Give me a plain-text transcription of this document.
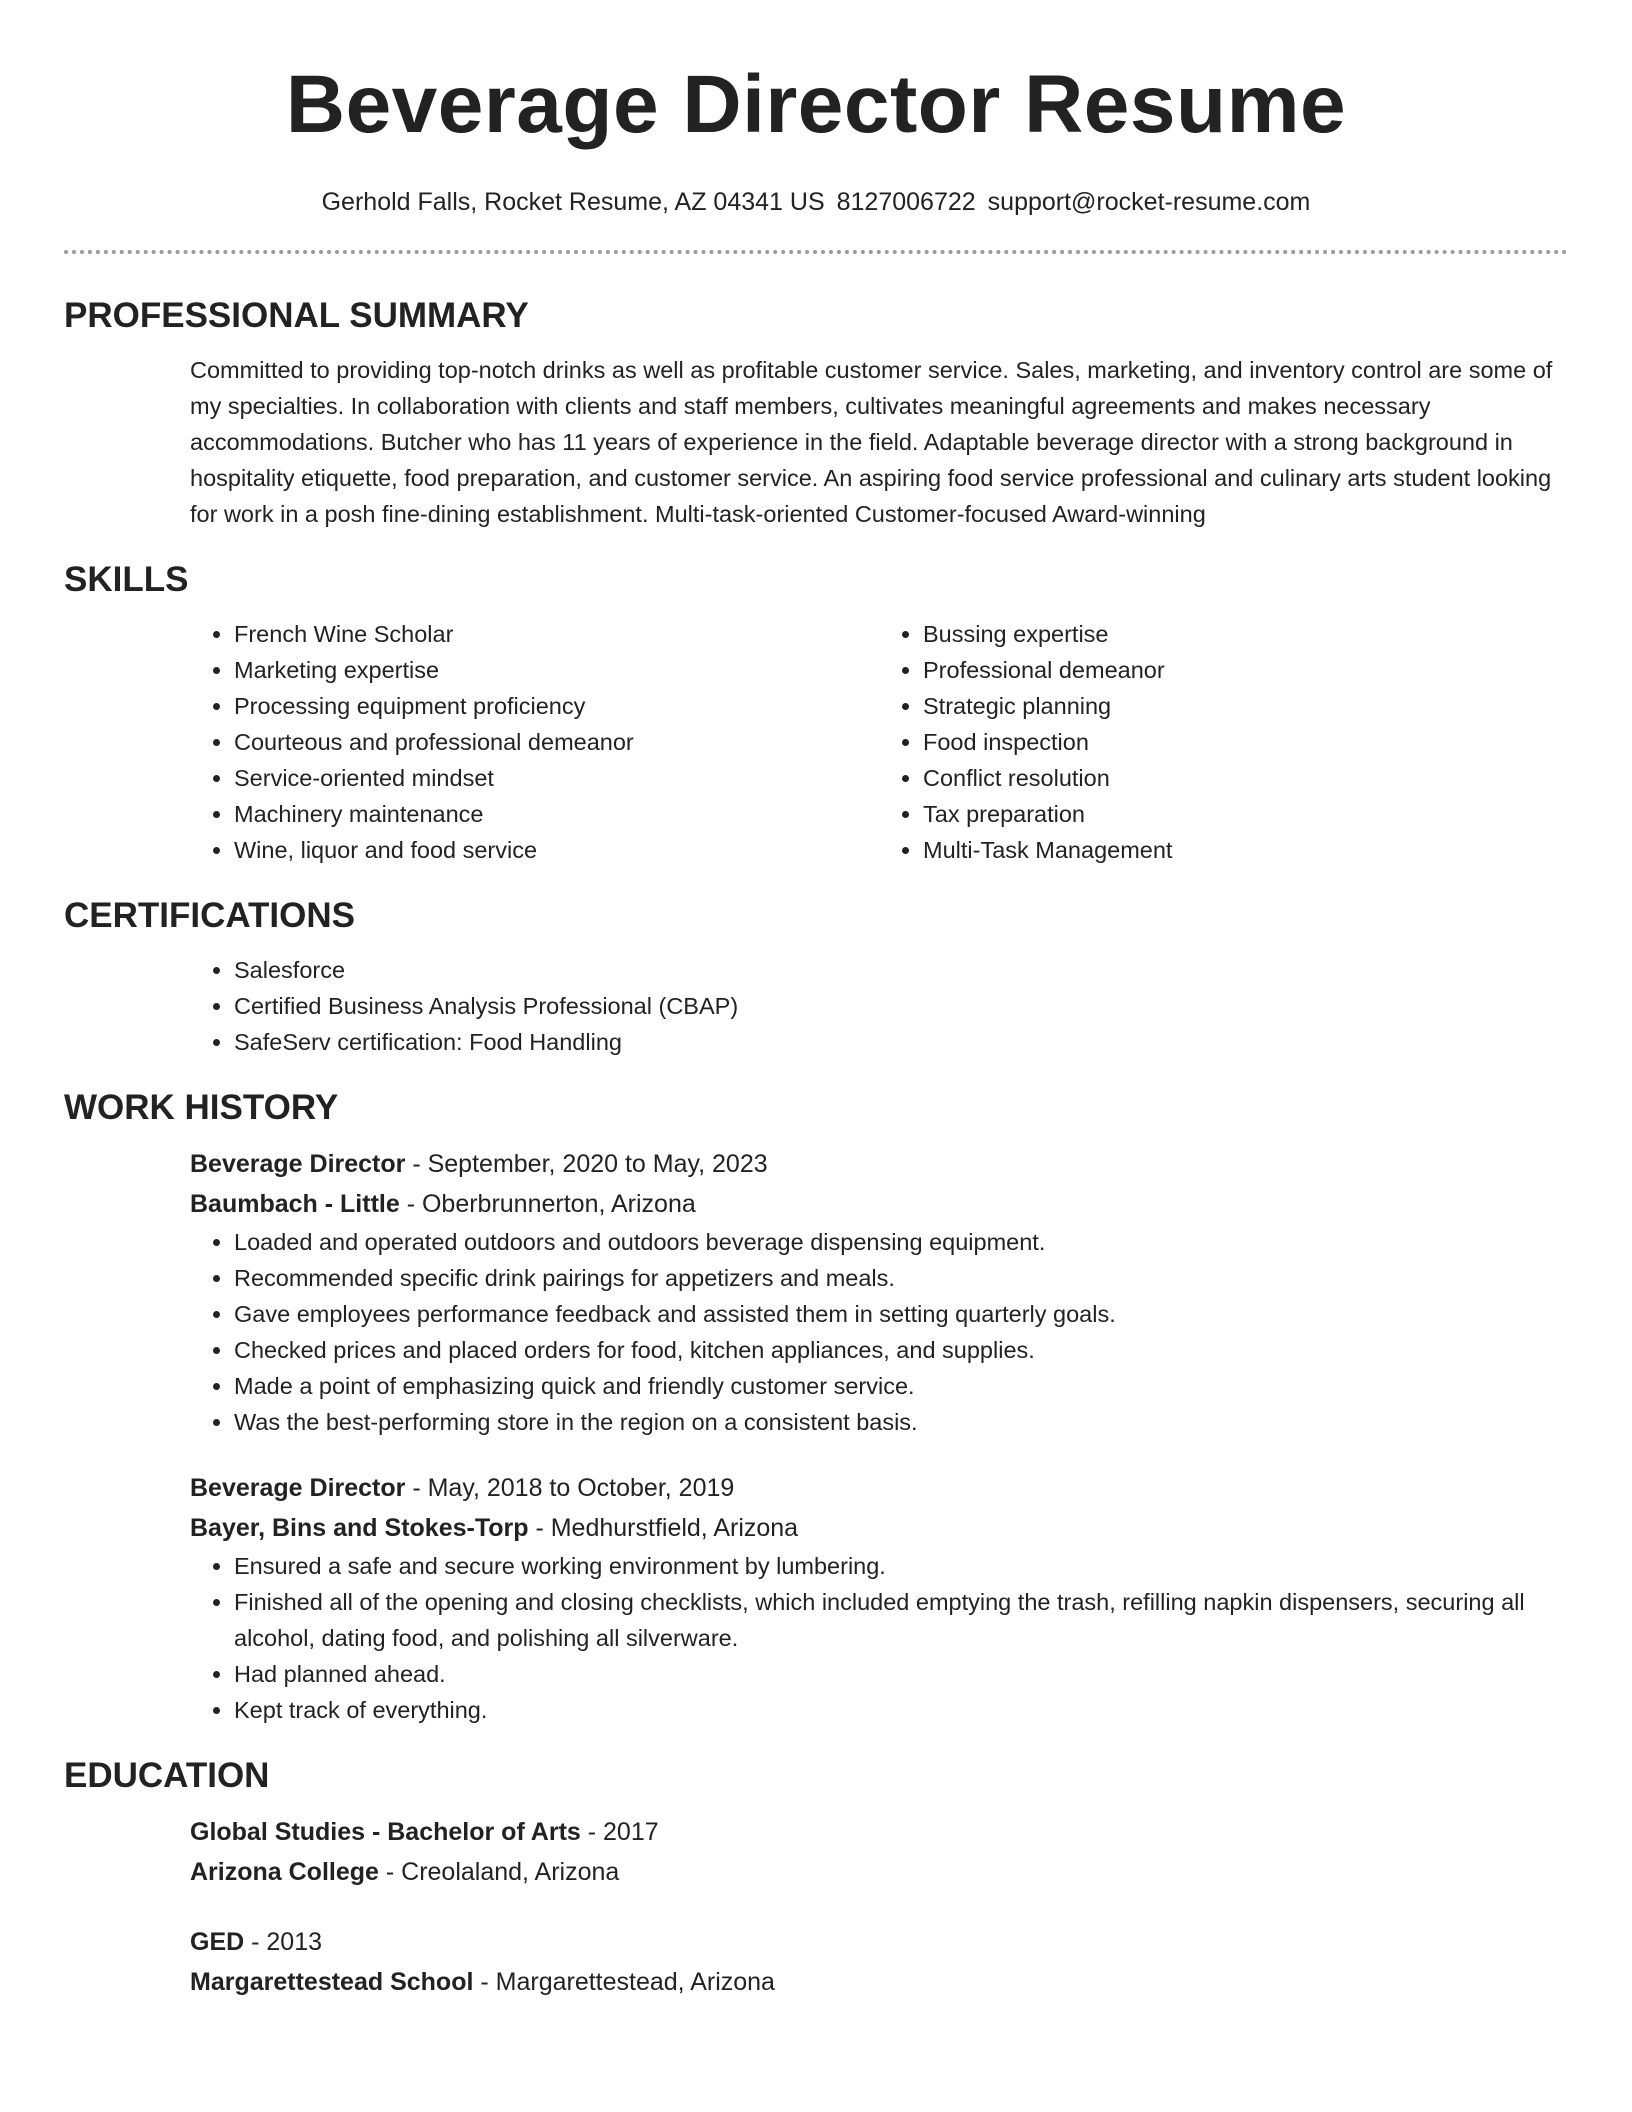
Beverage Director Resume
Gerhold Falls, Rocket Resume, AZ 04341 US 8127006722 support@rocket-resume.com
PROFESSIONAL SUMMARY

Committed to providing top-notch drinks as well as profitable customer service. Sales, marketing, and inventory control are some of my specialties. In collaboration with clients and staff members, cultivates meaningful agreements and makes necessary accommodations. Butcher who has 11 years of experience in the field. Adaptable beverage director with a strong background in hospitality etiquette, food preparation, and customer service. An aspiring food service professional and culinary arts student looking for work in a posh fine-dining establishment. Multi-task-oriented Customer-focused Award-winning

SKILLS
• French Wine Scholar
• Marketing expertise
• Processing equipment proficiency
• Courteous and professional demeanor
• Service-oriented mindset
• Machinery maintenance
• Wine, liquor and food service
• Bussing expertise
• Professional demeanor
• Strategic planning
• Food inspection
• Conflict resolution
• Tax preparation
• Multi-Task Management
CERTIFICATIONS
• Salesforce
• Certified Business Analysis Professional (CBAP)
• SafeServ certification: Food Handling
WORK HISTORY
Beverage Director - September, 2020 to May, 2023
Baumbach - Little - Oberbrunnerton, Arizona
• Loaded and operated outdoors and outdoors beverage dispensing equipment.
• Recommended specific drink pairings for appetizers and meals.
• Gave employees performance feedback and assisted them in setting quarterly goals.
• Checked prices and placed orders for food, kitchen appliances, and supplies.
• Made a point of emphasizing quick and friendly customer service.
• Was the best-performing store in the region on a consistent basis.
Beverage Director - May, 2018 to October, 2019
Bayer, Bins and Stokes-Torp - Medhurstfield, Arizona
• Ensured a safe and secure working environment by lumbering.
• Finished all of the opening and closing checklists, which included emptying the trash, refilling napkin dispensers, securing all alcohol, dating food, and polishing all silverware.
• Had planned ahead.
• Kept track of everything.
EDUCATION
Global Studies - Bachelor of Arts - 2017
Arizona College - Creolaland, Arizona
GED - 2013
Margarettestead School - Margarettestead, Arizona
